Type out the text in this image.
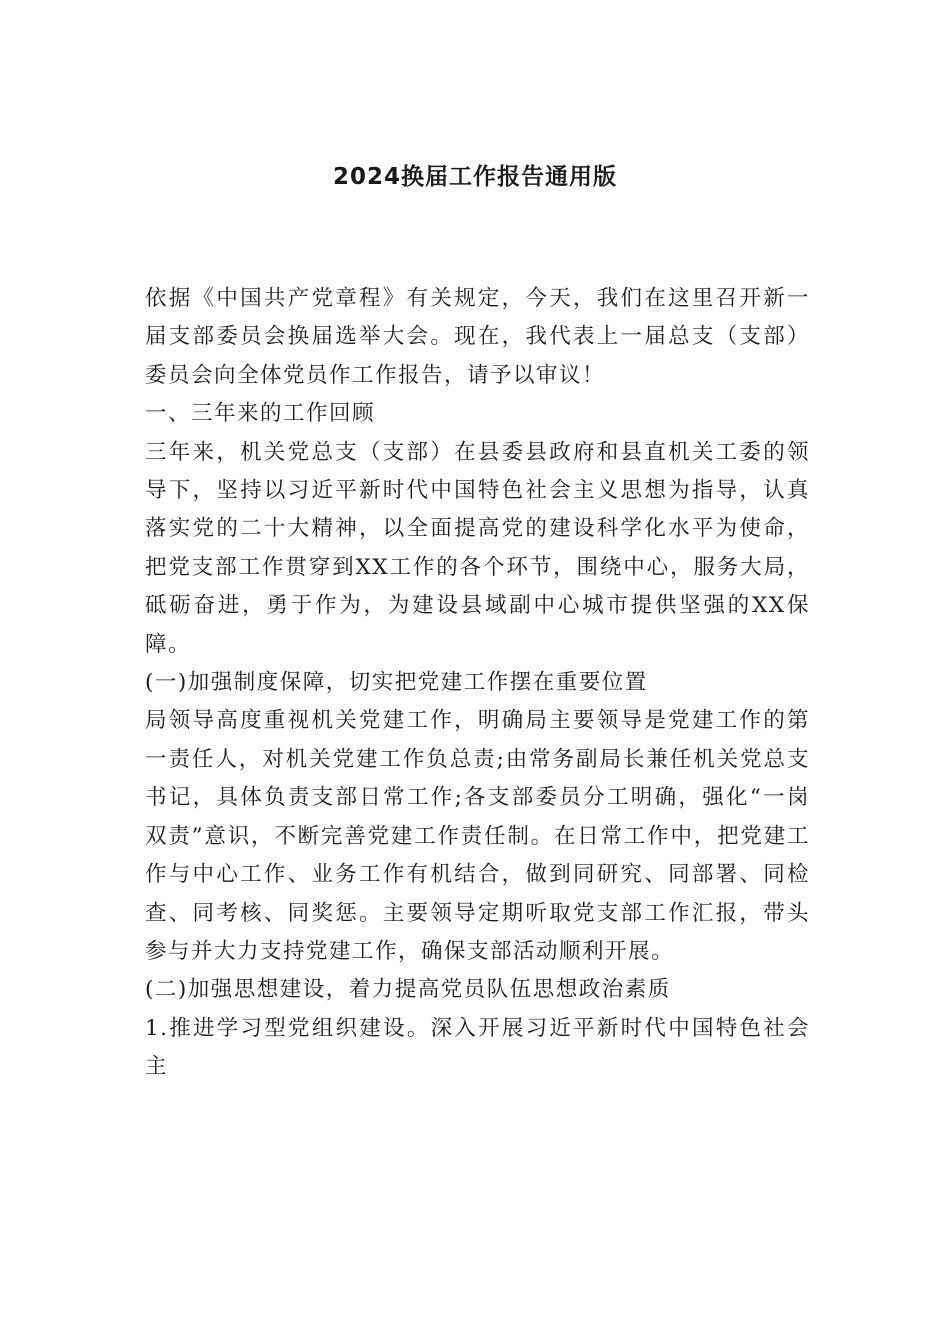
2024换届工作报告通用版

依据《中国共产党章程》有关规定，今天，我们在这里召开新一届支部委员会换届选举大会。现在，我代表上一届总支（支部）委员会向全体党员作工作报告，请予以审议！

一、三年来的工作回顾

三年来，机关党总支（支部）在县委县政府和县直机关工委的领导下，坚持以习近平新时代中国特色社会主义思想为指导，认真落实党的二十大精神，以全面提高党的建设科学化水平为使命，把党支部工作贯穿到XX工作的各个环节，围绕中心，服务大局，砥砺奋进，勇于作为，为建设县域副中心城市提供坚强的XX保障。

(一)加强制度保障，切实把党建工作摆在重要位置

局领导高度重视机关党建工作，明确局主要领导是党建工作的第一责任人，对机关党建工作负总责;由常务副局长兼任机关党总支书记，具体负责支部日常工作;各支部委员分工明确，强化“一岗双责”意识，不断完善党建工作责任制。在日常工作中，把党建工作与中心工作、业务工作有机结合，做到同研究、同部署、同检查、同考核、同奖惩。主要领导定期听取党支部工作汇报，带头参与并大力支持党建工作，确保支部活动顺利开展。

(二)加强思想建设，着力提高党员队伍思想政治素质

1.推进学习型党组织建设。深入开展习近平新时代中国特色社会主
